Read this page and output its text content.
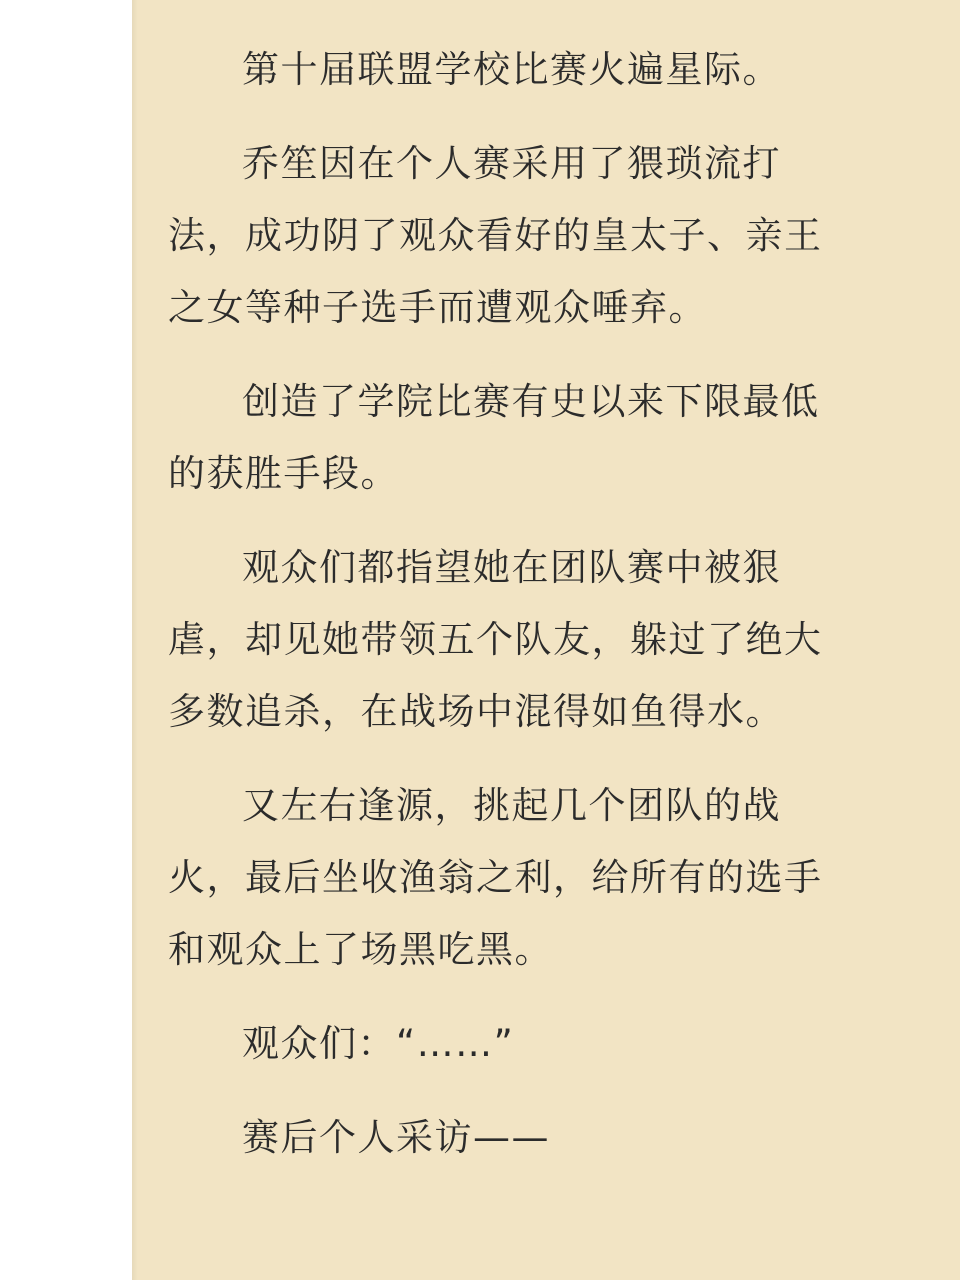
第十届联盟学校比赛火遍星际。

乔笙因在个人赛采用了猥琐流打法，成功阴了观众看好的皇太子、亲王之女等种子选手而遭观众唾弃。

创造了学院比赛有史以来下限最低的获胜手段。

观众们都指望她在团队赛中被狠虐，却见她带领五个队友，躲过了绝大多数追杀，在战场中混得如鱼得水。

又左右逢源，挑起几个团队的战火，最后坐收渔翁之利，给所有的选手和观众上了场黑吃黑。

观众们：“……”

赛后个人采访——
